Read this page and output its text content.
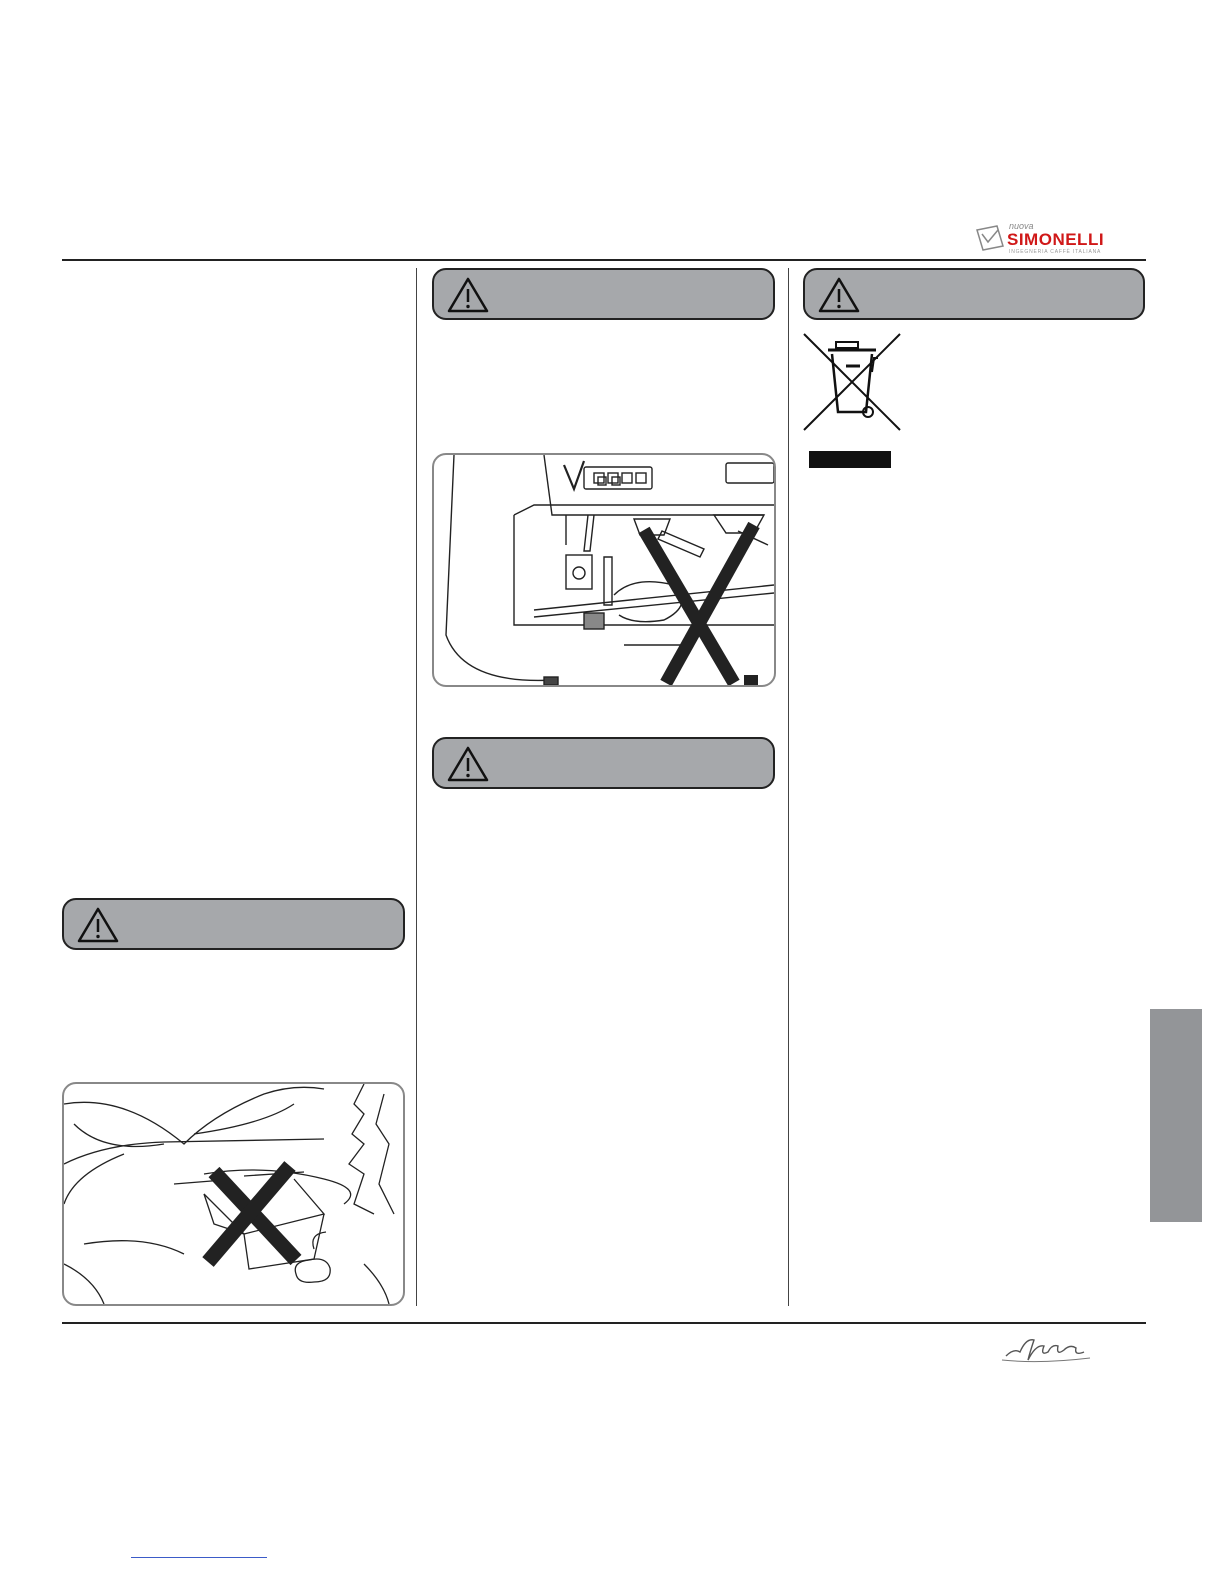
nuova
SIMONELLI
INGEGNERIA CAFFÈ ITALIANA
